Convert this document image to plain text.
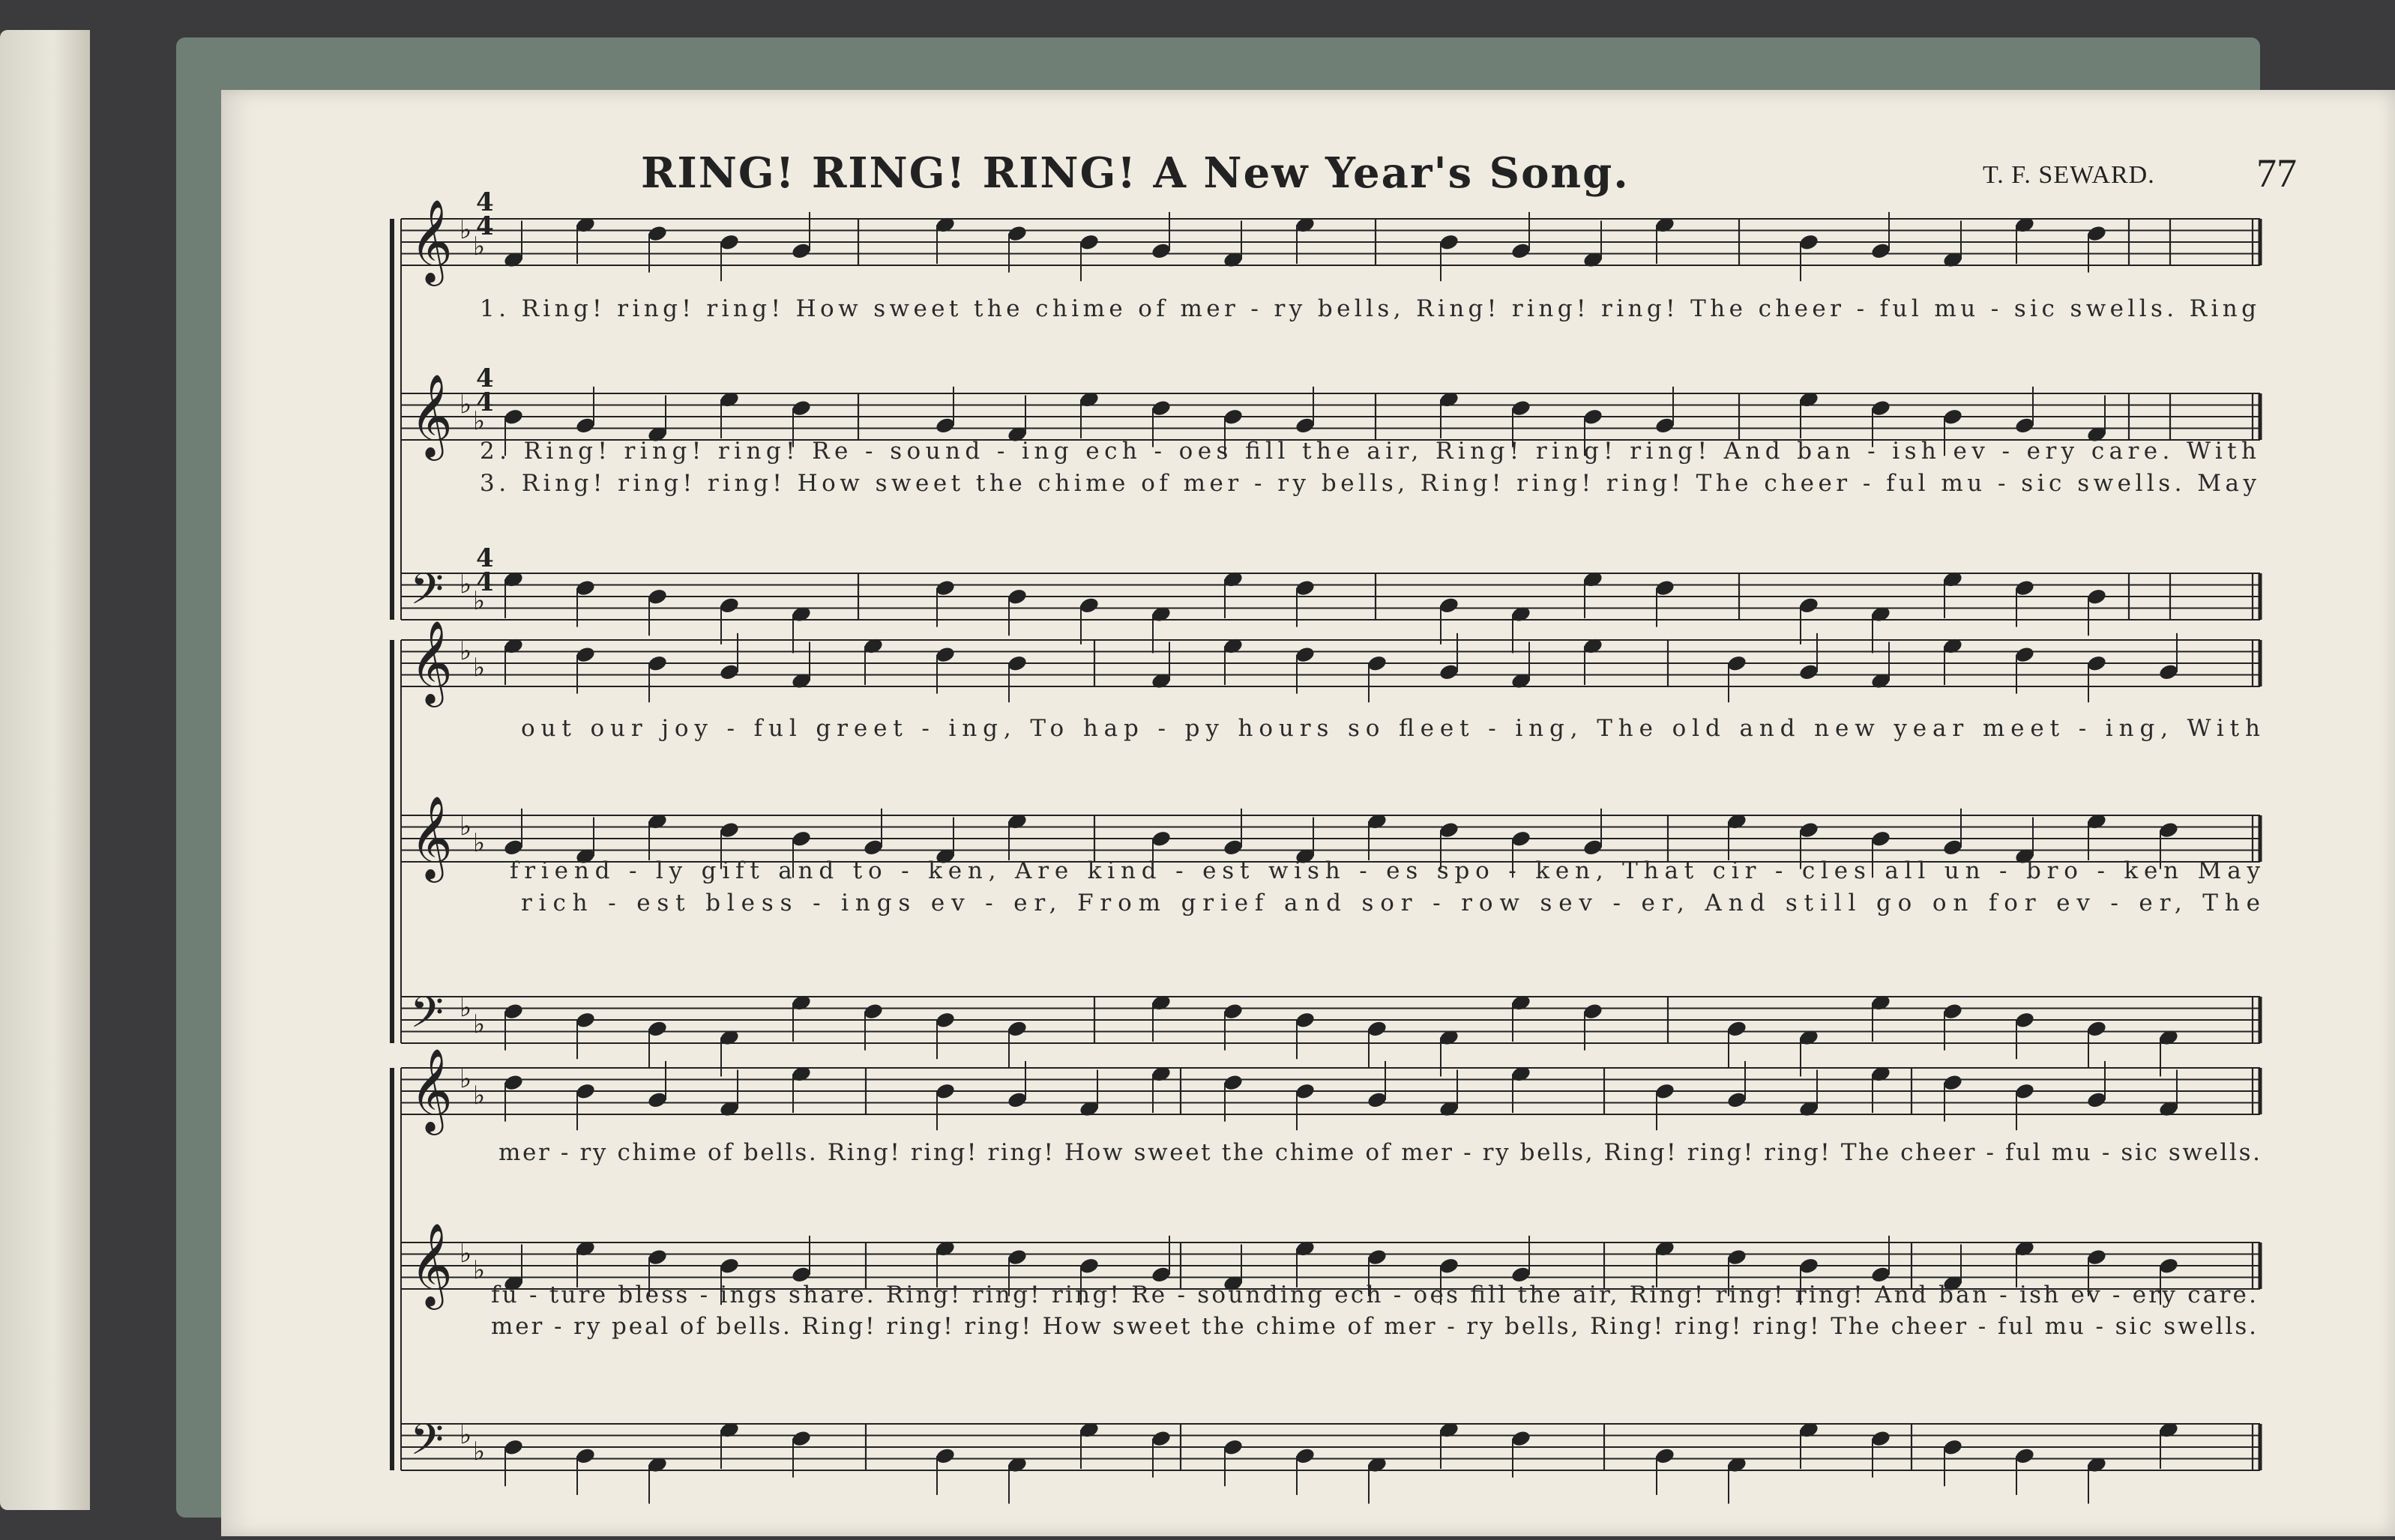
RING! RING! RING! A New Year's Song.	T. F. SEWARD.	77
𝄞 ♭
♭
𝄞 ♭
♭
𝄢 ♭
♭
𝄞 ♭
♭
𝄞 ♭
♭
𝄢 ♭
♭
𝄞 ♭
♭
𝄞 ♭
♭
𝄢 ♭
♭
1. Ring! ring! ring! How sweet the chime of mer - ry bells, Ring! ring! ring! The cheer - ful mu - sic swells. Ring
2. Ring! ring! ring! Re - sound - ing ech - oes fill the air, Ring! ring! ring! And ban - ish ev - ery care. With
3. Ring! ring! ring! How sweet the chime of mer - ry bells, Ring! ring! ring! The cheer - ful mu - sic swells. May
out our joy - ful greet - ing, To hap - py hours so fleet - ing, The old and new year meet - ing, With
friend - ly gift and to - ken, Are kind - est wish - es spo - ken, That cir - cles all un - bro - ken May
rich - est bless - ings ev - er, From grief and sor - row sev - er, And still go on for ev - er, The
mer - ry chime of bells. Ring! ring! ring! How sweet the chime of mer - ry bells, Ring! ring! ring! The cheer - ful mu - sic swells.
fu - ture bless - ings share. Ring! ring! ring! Re - sounding ech - oes fill the air, Ring! ring! ring! And ban - ish ev - ery care.
mer - ry peal of bells. Ring! ring! ring! How sweet the chime of mer - ry bells, Ring! ring! ring! The cheer - ful mu - sic swells.
4
4
4
4
4
4
